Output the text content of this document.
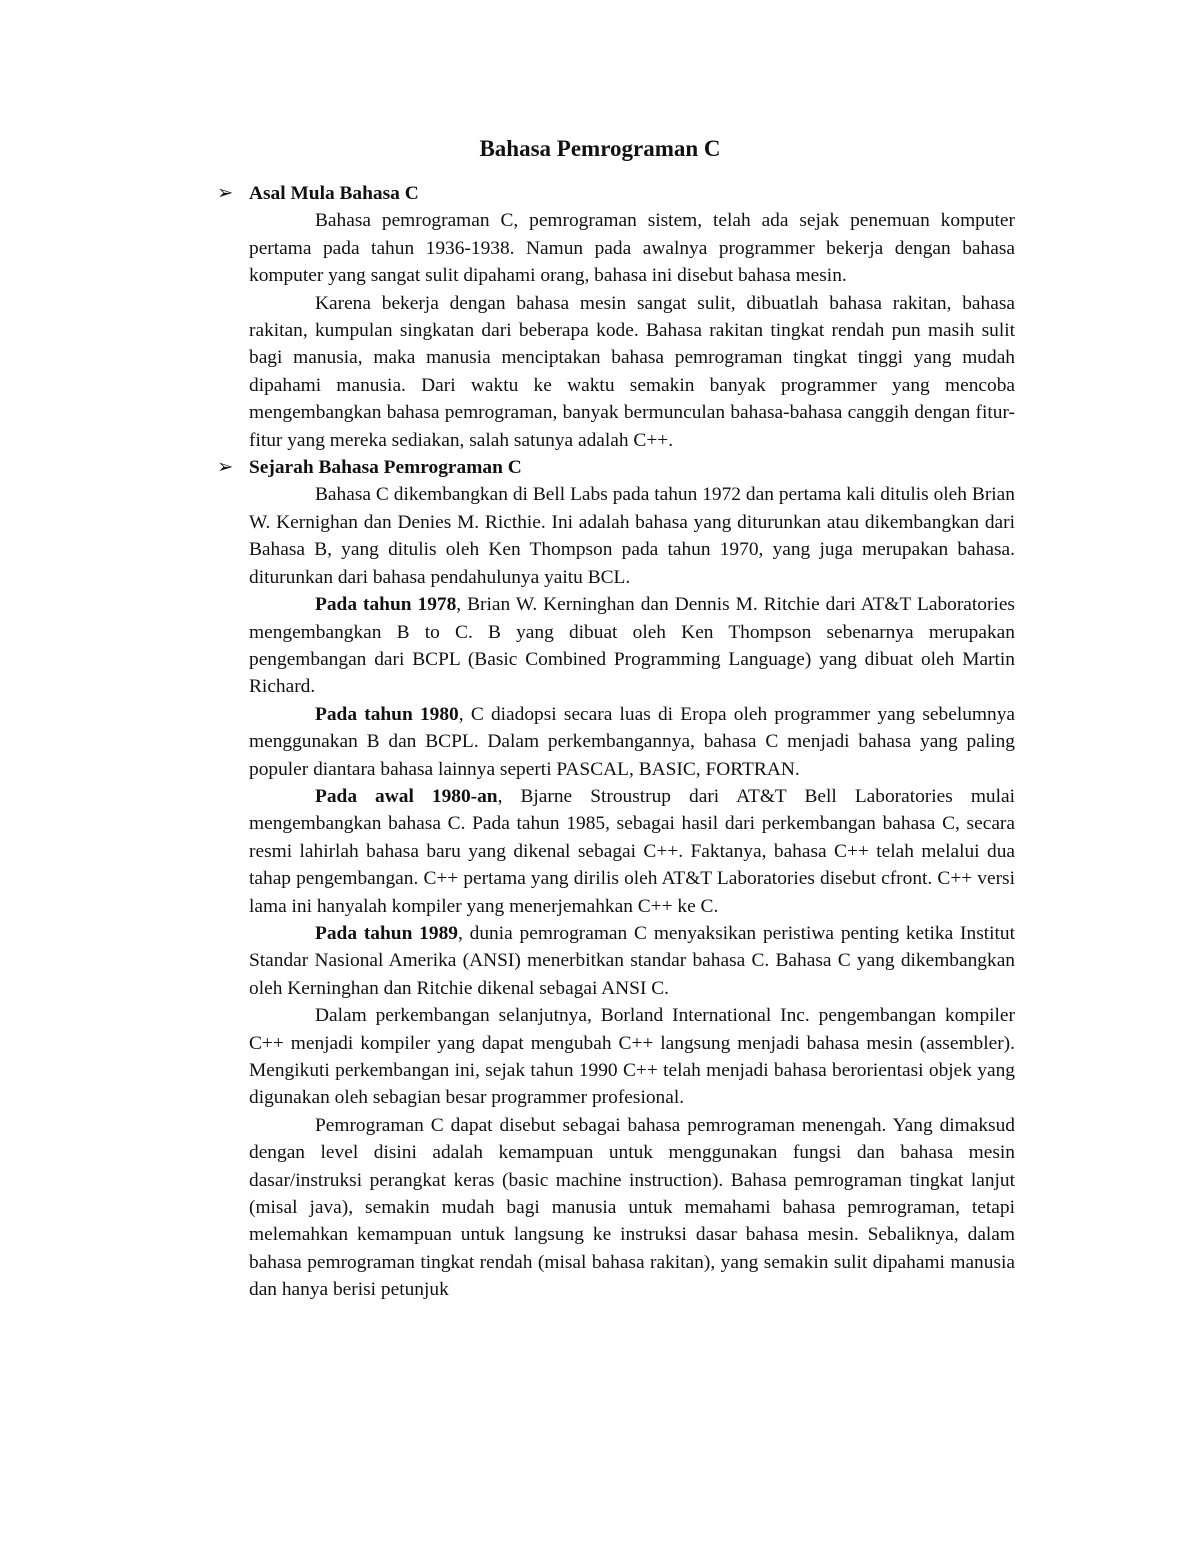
Bahasa Pemrograman C
➢ Asal Mula Bahasa C

Bahasa pemrograman C, pemrograman sistem, telah ada sejak penemuan komputer pertama pada tahun 1936-1938. Namun pada awalnya programmer bekerja dengan bahasa komputer yang sangat sulit dipahami orang, bahasa ini disebut bahasa mesin.

Karena bekerja dengan bahasa mesin sangat sulit, dibuatlah bahasa rakitan, bahasa rakitan, kumpulan singkatan dari beberapa kode. Bahasa rakitan tingkat rendah pun masih sulit bagi manusia, maka manusia menciptakan bahasa pemrograman tingkat tinggi yang mudah dipahami manusia. Dari waktu ke waktu semakin banyak programmer yang mencoba mengembangkan bahasa pemrograman, banyak bermunculan bahasa-bahasa canggih dengan fitur-fitur yang mereka sediakan, salah satunya adalah C++.

➢ Sejarah Bahasa Pemrograman C

Bahasa C dikembangkan di Bell Labs pada tahun 1972 dan pertama kali ditulis oleh Brian W. Kernighan dan Denies M. Ricthie. Ini adalah bahasa yang diturunkan atau dikembangkan dari Bahasa B, yang ditulis oleh Ken Thompson pada tahun 1970, yang juga merupakan bahasa. diturunkan dari bahasa pendahulunya yaitu BCL.

Pada tahun 1978, Brian W. Kerninghan dan Dennis M. Ritchie dari AT&T Laboratories mengembangkan B to C. B yang dibuat oleh Ken Thompson sebenarnya merupakan pengembangan dari BCPL (Basic Combined Programming Language) yang dibuat oleh Martin Richard.

Pada tahun 1980, C diadopsi secara luas di Eropa oleh programmer yang sebelumnya menggunakan B dan BCPL. Dalam perkembangannya, bahasa C menjadi bahasa yang paling populer diantara bahasa lainnya seperti PASCAL, BASIC, FORTRAN.

Pada awal 1980-an, Bjarne Stroustrup dari AT&T Bell Laboratories mulai mengembangkan bahasa C. Pada tahun 1985, sebagai hasil dari perkembangan bahasa C, secara resmi lahirlah bahasa baru yang dikenal sebagai C++. Faktanya, bahasa C++ telah melalui dua tahap pengembangan. C++ pertama yang dirilis oleh AT&T Laboratories disebut cfront. C++ versi lama ini hanyalah kompiler yang menerjemahkan C++ ke C.

Pada tahun 1989, dunia pemrograman C menyaksikan peristiwa penting ketika Institut Standar Nasional Amerika (ANSI) menerbitkan standar bahasa C. Bahasa C yang dikembangkan oleh Kerninghan dan Ritchie dikenal sebagai ANSI C.

Dalam perkembangan selanjutnya, Borland International Inc. pengembangan kompiler C++ menjadi kompiler yang dapat mengubah C++ langsung menjadi bahasa mesin (assembler). Mengikuti perkembangan ini, sejak tahun 1990 C++ telah menjadi bahasa berorientasi objek yang digunakan oleh sebagian besar programmer profesional.

Pemrograman C dapat disebut sebagai bahasa pemrograman menengah. Yang dimaksud dengan level disini adalah kemampuan untuk menggunakan fungsi dan bahasa mesin dasar/instruksi perangkat keras (basic machine instruction). Bahasa pemrograman tingkat lanjut (misal java), semakin mudah bagi manusia untuk memahami bahasa pemrograman, tetapi melemahkan kemampuan untuk langsung ke instruksi dasar bahasa mesin. Sebaliknya, dalam bahasa pemrograman tingkat rendah (misal bahasa rakitan), yang semakin sulit dipahami manusia dan hanya berisi petunjuk
